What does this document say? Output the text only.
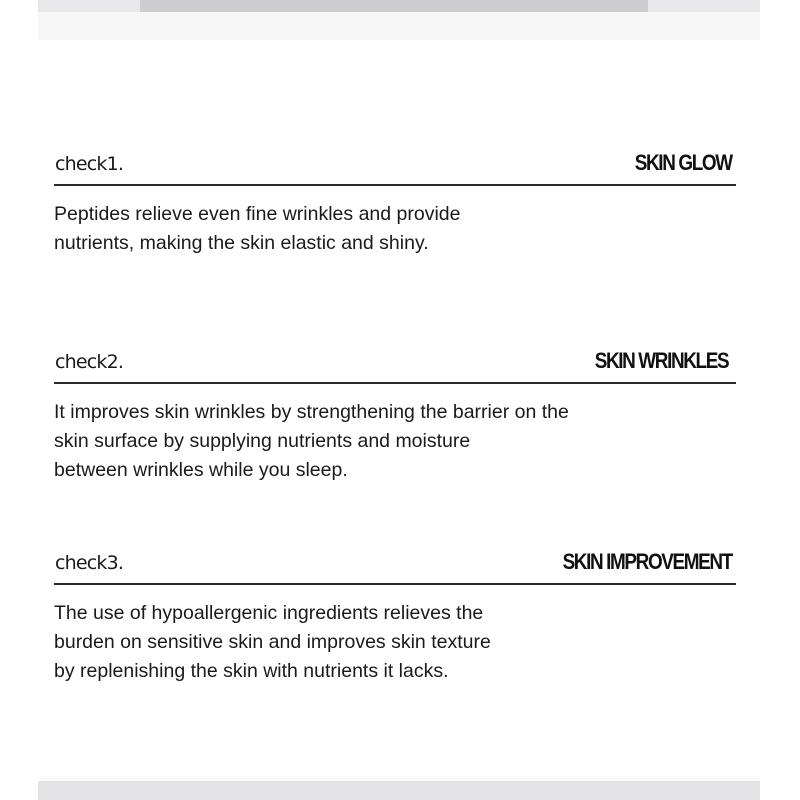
check1.	SKIN GLOW
Peptides relieve even fine wrinkles and provide
nutrients, making the skin elastic and shiny.
check2.	SKIN WRINKLES
It improves skin wrinkles by strengthening the barrier on the
skin surface by supplying nutrients and moisture
between wrinkles while you sleep.
check3.	SKIN IMPROVEMENT
The use of hypoallergenic ingredients relieves the
burden on sensitive skin and improves skin texture
by replenishing the skin with nutrients it lacks.
